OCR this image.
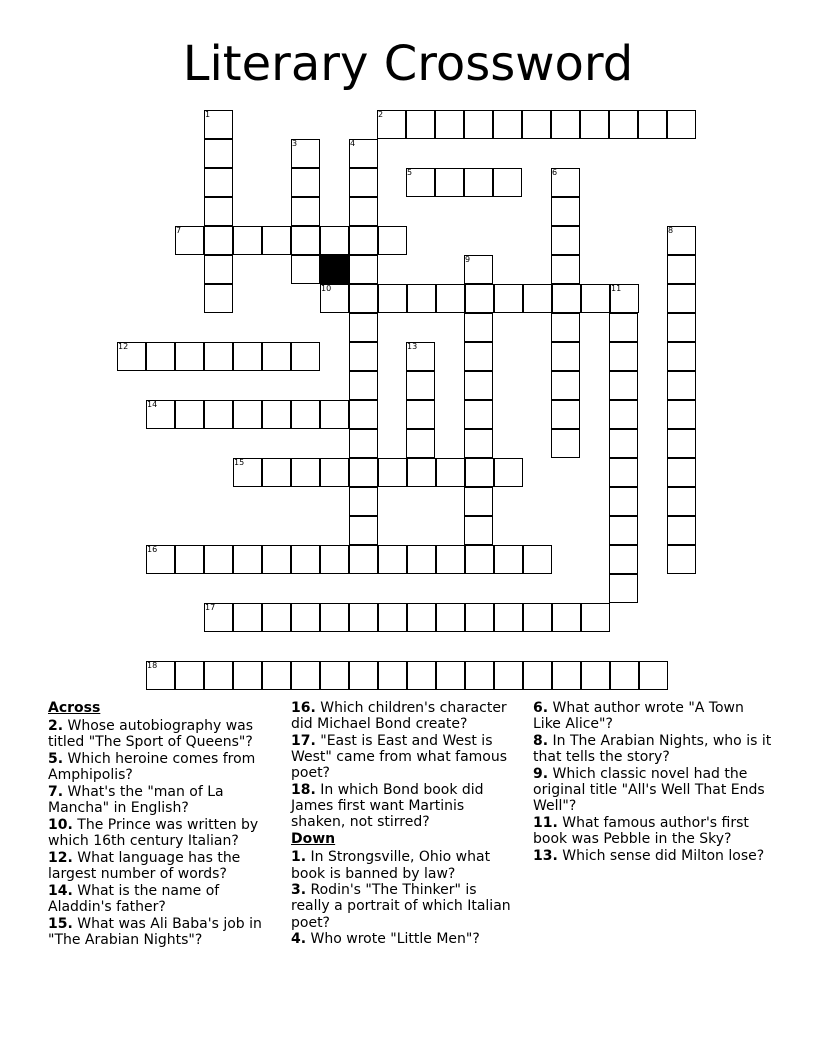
Literary Crossword
1	2
3	4
5	6
7	8
9
10	11
12	13
14
15
16
17
18
Across
2. Whose autobiography was titled "The Sport of Queens"?
5. Which heroine comes from Amphipolis?
7. What's the "man of La Mancha" in English?
10. The Prince was written by which 16th century Italian?
12. What language has the largest number of words?
14. What is the name of Aladdin's father?
15. What was Ali Baba's job in "The Arabian Nights"?
16. Which children's character did Michael Bond create?
17. "East is East and West is West" came from what famous poet?
18. In which Bond book did James first want Martinis shaken, not stirred?
Down
1. In Strongsville, Ohio what book is banned by law?
3. Rodin's "The Thinker" is really a portrait of which Italian poet?
4. Who wrote "Little Men"?
6. What author wrote "A Town Like Alice"?
8. In The Arabian Nights, who is it that tells the story?
9. Which classic novel had the original title "All's Well That Ends Well"?
11. What famous author's first book was Pebble in the Sky?
13. Which sense did Milton lose?
